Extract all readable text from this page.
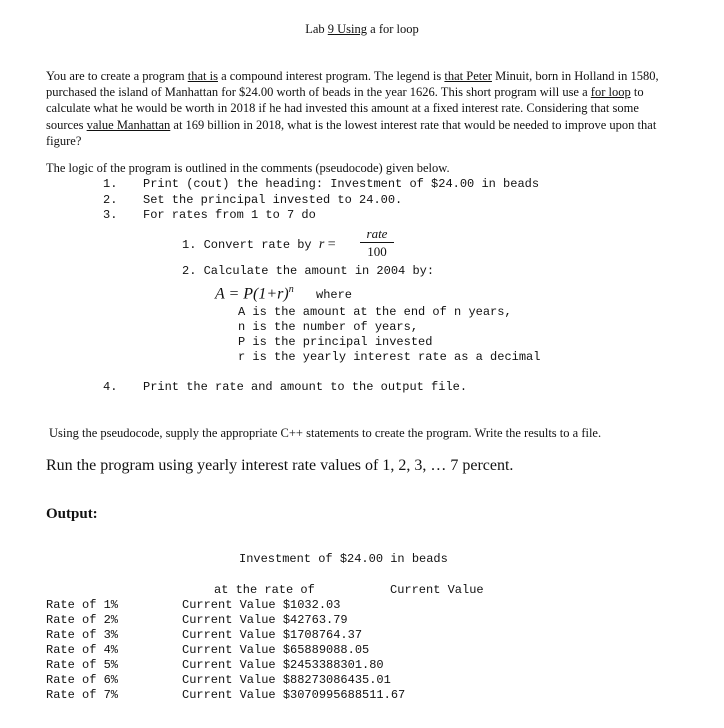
Lab 9 Using a for loop

You are to create a program that is a compound interest program. The legend is that Peter Minuit, born in Holland in 1580, purchased the island of Manhattan for $24.00 worth of beads in the year 1626. This short program will use a for loop to calculate what he would be worth in 2018 if he had invested this amount at a fixed interest rate. Considering that some sources value Manhattan at 169 billion in 2018, what is the lowest interest rate that would be needed to improve upon that figure?

The logic of the program is outlined in the comments (pseudocode) given below.

1. Print (cout) the heading: Investment of $24.00 in beads

2. Set the principal invested to 24.00.

3. For rates from 1 to 7 do

1. Convert rate by r =

rate
100

2. Calculate the amount in 2004 by:

$A = P(1+r)^n$ where

A is the amount at the end of n years,

n is the number of years,

P is the principal invested

r is the yearly interest rate as a decimal

4. Print the rate and amount to the output file.

Using the pseudocode, supply the appropriate C++ statements to create the program. Write the results to a file.

Run the program using yearly interest rate values of 1, 2, 3, … 7 percent.

Output:

Investment of $24.00 in beads

at the rate of	Current Value

Rate of 1%	Current Value $1032.03

Rate of 2%	Current Value $42763.79

Rate of 3%	Current Value $1708764.37

Rate of 4%	Current Value $65889088.05

Rate of 5%	Current Value $2453388301.80

Rate of 6%	Current Value $88273086435.01

Rate of 7%	Current Value $3070995688511.67
